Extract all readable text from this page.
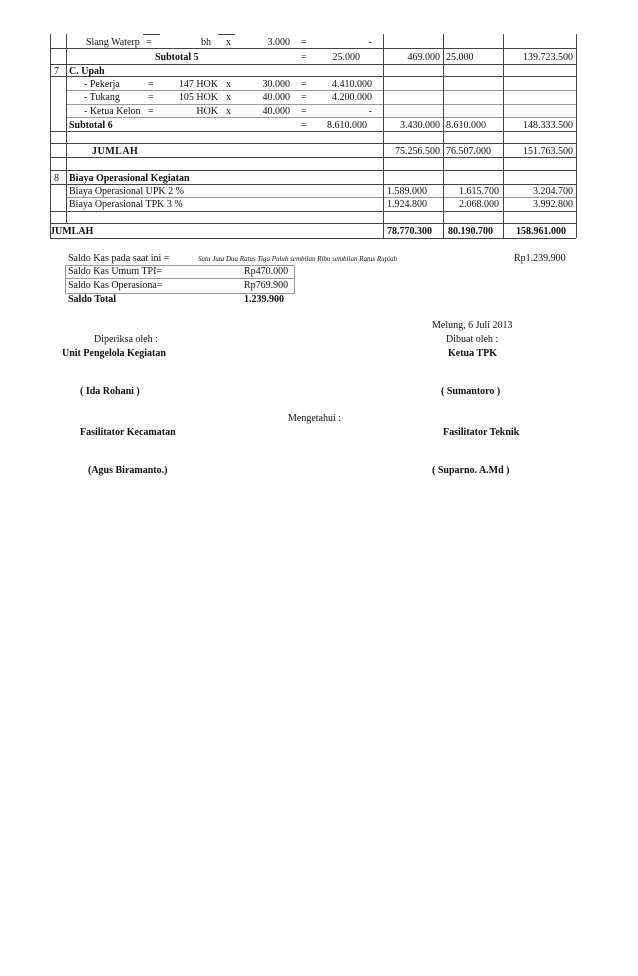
Slang Waterp =	bh x	3.000 =	-
Subtotal 5	=	25.000	469.000 25.000	139.723.500
7 C. Upah
- Pekerja	=	147 HOK x	30.000 =	4.410.000
- Tukang	=	105 HOK x	40.000 =	4.200.000
- Ketua Kelon =	HOK x	40.000 =	-
Subtotal 6	=	8.610.000	3.430.000 8.610.000	148.333.500
JUMLAH	75.256.500 76.507.000	151.763.500
8 Biaya Operasional Kegiatan
Biaya Operasional UPK 2 %	1.589.000	1.615.700	3.204.700
Biaya Operasional TPK 3 %	1.924.800	2.068.000	3.992.800
JUMLAH	78.770.300 80.190.700	158.961.000
Saldo Kas pada saat ini =	Satu Juta Dua Ratus Tiga Puluh sembilan Ribu sembilan Ratus Rupiah	Rp1.239.900
Saldo Kas Umum TPI=	Rp470.000
Saldo Kas Operasiona=	Rp769.900
Saldo Total	1.239.900
Melung, 6 Juli 2013
Diperiksa oleh :	Dibuat oleh :
Unit Pengelola Kegiatan	Ketua TPK
( Ida Rohani )	( Sumantoro )
Mengetahui :
Fasilitator Kecamatan	Fasilitator Teknik
(Agus Biramanto.)	( Suparno. A.Md )
